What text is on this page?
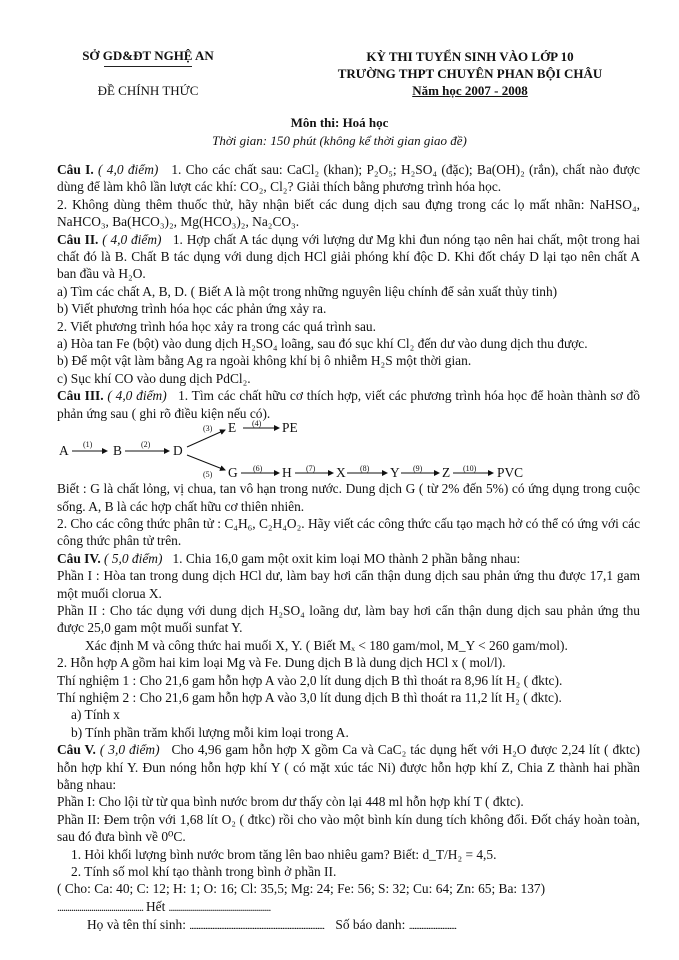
SỞ GD&ĐT NGHỆ AN
ĐỀ CHÍNH THỨC
KỲ THI TUYỂN SINH VÀO LỚP 10
TRƯỜNG THPT CHUYÊN PHAN BỘI CHÂU
Năm học 2007 - 2008
Môn thi: Hoá học
Thời gian: 150 phút (không kể thời gian giao đề)

Câu I. ( 4,0 điểm) 1. Cho các chất sau: CaCl₂ (khan); P₂O₅; H₂SO₄ (đặc); Ba(OH)₂ (rắn), chất nào được dùng để làm khô lần lượt các khí: CO₂, Cl₂? Giải thích bằng phương trình hóa học.

2. Không dùng thêm thuốc thử, hãy nhận biết các dung dịch sau đựng trong các lọ mất nhãn: NaHSO₄, NaHCO₃, Ba(HCO₃)₂, Mg(HCO₃)₂, Na₂CO₃.

Câu II. ( 4,0 điểm) 1. Hợp chất A tác dụng với lượng dư Mg khi đun nóng tạo nên hai chất, một trong hai chất đó là B. Chất B tác dụng với dung dịch HCl giải phóng khí độc D. Khi đốt cháy D lại tạo nên chất A ban đầu và H₂O.

a) Tìm các chất A, B, D. ( Biết A là một trong những nguyên liệu chính để sản xuất thủy tinh)

b) Viết phương trình hóa học các phản ứng xảy ra.

2. Viết phương trình hóa học xảy ra trong các quá trình sau.

a) Hòa tan Fe (bột) vào dung dịch H₂SO₄ loãng, sau đó sục khí Cl₂ đến dư vào dung dịch thu được.

b) Để một vật làm bằng Ag ra ngoài không khí bị ô nhiễm H₂S một thời gian.

c) Sục khí CO vào dung dịch PdCl₂.

Câu III. ( 4,0 điểm) 1. Tìm các chất hữu cơ thích hợp, viết các phương trình hóa học để hoàn thành sơ đồ phản ứng sau ( ghi rõ điều kiện nếu có).

A (1) B (2) D
(3) E (4) PE
(5) G (6) H (7) X (8) Y (9) Z (10) PVC

Biết : G là chất lỏng, vị chua, tan vô hạn trong nước. Dung dịch G ( từ 2% đến 5%) có ứng dụng trong cuộc sống. A, B là các hợp chất hữu cơ thiên nhiên.

2. Cho các công thức phân tử : C₄H₆, C₂H₄O₂. Hãy viết các công thức cấu tạo mạch hở có thể có ứng với các công thức phân tử trên.

Câu IV. ( 5,0 điểm) 1. Chia 16,0 gam một oxit kim loại MO thành 2 phần bằng nhau:

Phần I : Hòa tan trong dung dịch HCl dư, làm bay hơi cẩn thận dung dịch sau phản ứng thu được 17,1 gam một muối clorua X.

Phần II : Cho tác dụng với dung dịch H₂SO₄ loãng dư, làm bay hơi cẩn thận dung dịch sau phản ứng thu được 25,0 gam một muối sunfat Y.

Xác định M và công thức hai muối X, Y. ( Biết Mₓ < 180 gam/mol, M_Y < 260 gam/mol).

2. Hỗn hợp A gồm hai kim loại Mg và Fe. Dung dịch B là dung dịch HCl x ( mol/l).

Thí nghiệm 1 : Cho 21,6 gam hỗn hợp A vào 2,0 lít dung dịch B thì thoát ra 8,96 lít H₂ ( đktc).

Thí nghiệm 2 : Cho 21,6 gam hỗn hợp A vào 3,0 lít dung dịch B thì thoát ra 11,2 lít H₂ ( đktc).

a) Tính x

b) Tính phần trăm khối lượng mỗi kim loại trong A.

Câu V. ( 3,0 điểm) Cho 4,96 gam hỗn hợp X gồm Ca và CaC₂ tác dụng hết với H₂O được 2,24 lít ( đktc) hỗn hợp khí Y. Đun nóng hỗn hợp khí Y ( có mặt xúc tác Ni) được hỗn hợp khí Z, Chia Z thành hai phần bằng nhau:

Phần I: Cho lội từ từ qua bình nước brom dư thấy còn lại 448 ml hỗn hợp khí T ( đktc).

Phần II: Đem trộn với 1,68 lít O₂ ( đtkc) rồi cho vào một bình kín dung tích không đổi. Đốt cháy hoàn toàn, sau đó đưa bình về 0⁰C.

1. Hỏi khối lượng bình nước brom tăng lên bao nhiêu gam? Biết: d_T/H₂ = 4,5.

2. Tính số mol khí tạo thành trong bình ở phần II.

( Cho: Ca: 40; C: 12; H: 1; O: 16; Cl: 35,5; Mg: 24; Fe: 56; S: 32; Cu: 64; Zn: 65; Ba: 137)

........................................... Hết ...................................................

Họ và tên thí sinh: ............................................................................. Số báo danh: ...........................
